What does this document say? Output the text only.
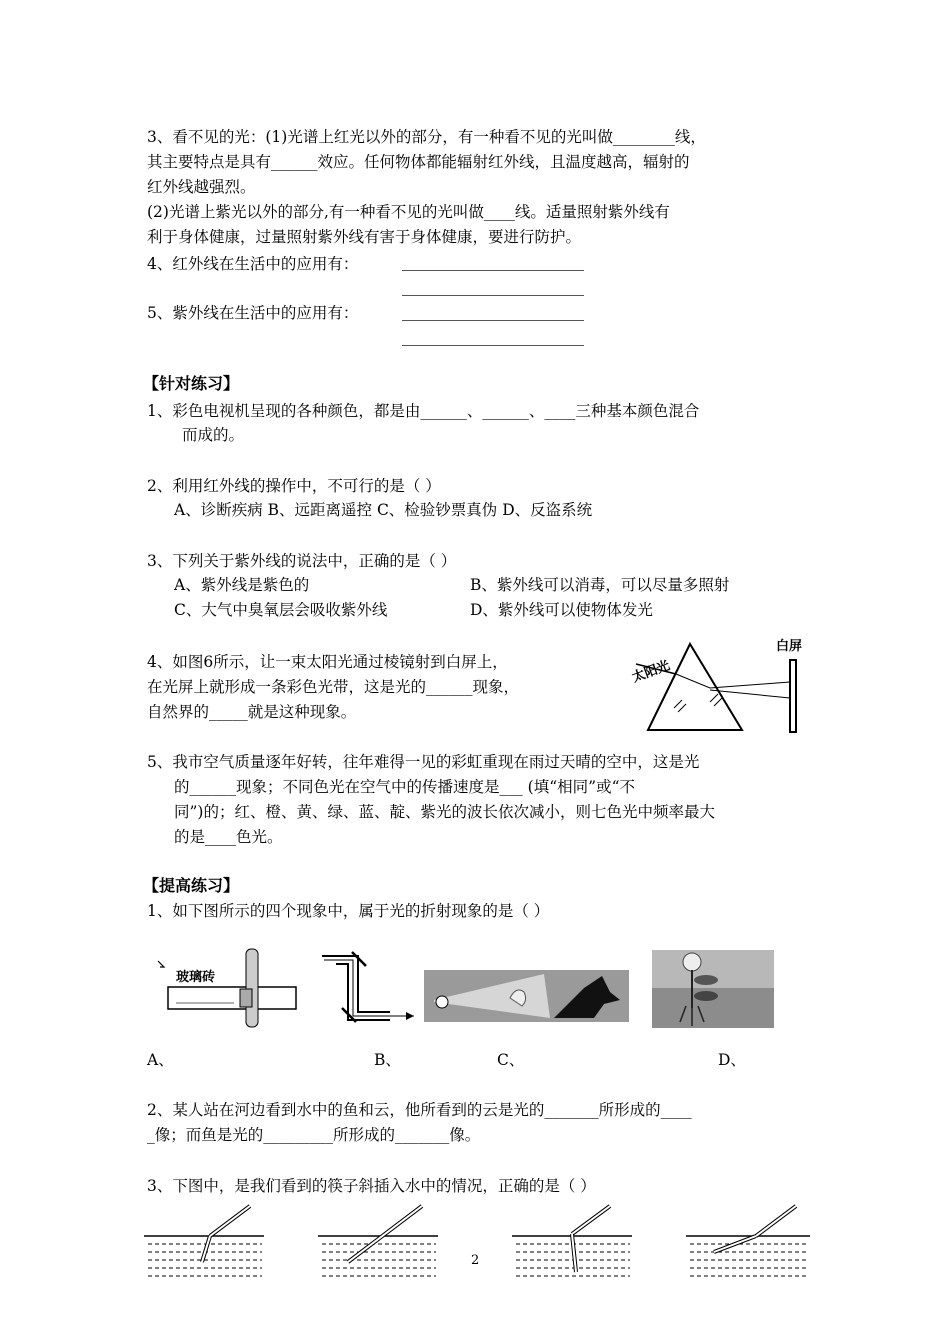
3、看不见的光：(1)光谱上红光以外的部分，有一种看不见的光叫做________线，
其主要特点是具有______效应。任何物体都能辐射红外线，且温度越高，辐射的
红外线越强烈。
(2)光谱上紫光以外的部分,有一种看不见的光叫做____线。适量照射紫外线有
利于身体健康，过量照射紫外线有害于身体健康，要进行防护。
4、红外线在生活中的应用有：
5、紫外线在生活中的应用有：
【针对练习】
1、彩色电视机呈现的各种颜色，都是由______、______、____三种基本颜色混合
而成的。
2、利用红外线的操作中，不可行的是（ ）
A、诊断疾病 B、远距离遥控 C、检验钞票真伪 D、反盗系统
3、下列关于紫外线的说法中，正确的是（ ）
A、紫外线是紫色的	B、紫外线可以消毒，可以尽量多照射
C、大气中臭氧层会吸收紫外线	D、紫外线可以使物体发光
4、如图6所示，让一束太阳光通过棱镜射到白屏上，
在光屏上就形成一条彩色光带，这是光的______现象，
自然界的_____就是这种现象。
太阳光
白屏
5、我市空气质量逐年好转，往年难得一见的彩虹重现在雨过天晴的空中，这是光
的______现象；不同色光在空气中的传播速度是___ (填“相同”或“不
同”)的；红、橙、黄、绿、蓝、靛、紫光的波长依次减小，则七色光中频率最大
的是____色光。
【提高练习】
1、如下图所示的四个现象中，属于光的折射现象的是（ ）
玻璃砖
A、	B、	C、	D、
2、某人站在河边看到水中的鱼和云，他所看到的云是光的_______所形成的____
_像；而鱼是光的_________所形成的_______像。
3、下图中，是我们看到的筷子斜插入水中的情况，正确的是（ ）
2
